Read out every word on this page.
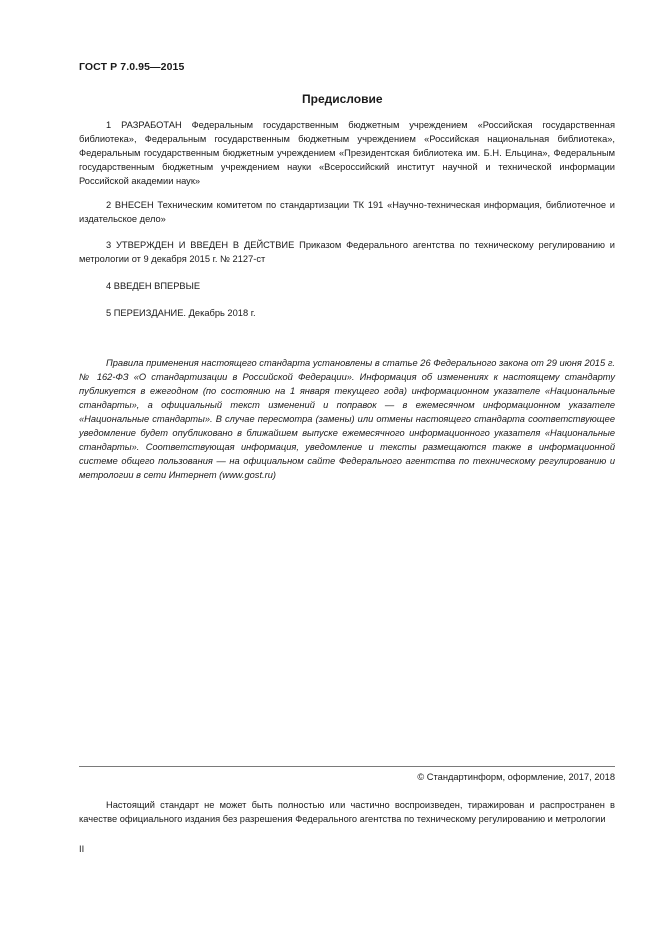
ГОСТ Р 7.0.95—2015
Предисловие

1 РАЗРАБОТАН Федеральным государственным бюджетным учреждением «Российская государственная библиотека», Федеральным государственным бюджетным учреждением «Российская национальная библиотека», Федеральным государственным бюджетным учреждением «Президентская библиотека им. Б.Н. Ельцина», Федеральным государственным бюджетным учреждением науки «Всероссийский институт научной и технической информации Российской академии наук»

2 ВНЕСЕН Техническим комитетом по стандартизации ТК 191 «Научно-техническая информация, библиотечное и издательское дело»

3 УТВЕРЖДЕН И ВВЕДЕН В ДЕЙСТВИЕ Приказом Федерального агентства по техническому регулированию и метрологии от 9 декабря 2015 г. № 2127-ст

4 ВВЕДЕН ВПЕРВЫЕ

5 ПЕРЕИЗДАНИЕ. Декабрь 2018 г.

Правила применения настоящего стандарта установлены в статье 26 Федерального закона от 29 июня 2015 г. № 162-ФЗ «О стандартизации в Российской Федерации». Информация об изменениях к настоящему стандарту публикуется в ежегодном (по состоянию на 1 января текущего года) информационном указателе «Национальные стандарты», а официальный текст изменений и поправок — в ежемесячном информационном указателе «Национальные стандарты». В случае пересмотра (замены) или отмены настоящего стандарта соответствующее уведомление будет опубликовано в ближайшем выпуске ежемесячного информационного указателя «Национальные стандарты». Соответствующая информация, уведомление и тексты размещаются также в информационной системе общего пользования — на официальном сайте Федерального агентства по техническому регулированию и метрологии в сети Интернет (www.gost.ru)

© Стандартинформ, оформление, 2017, 2018

Настоящий стандарт не может быть полностью или частично воспроизведен, тиражирован и распространен в качестве официального издания без разрешения Федерального агентства по техническому регулированию и метрологии

II
